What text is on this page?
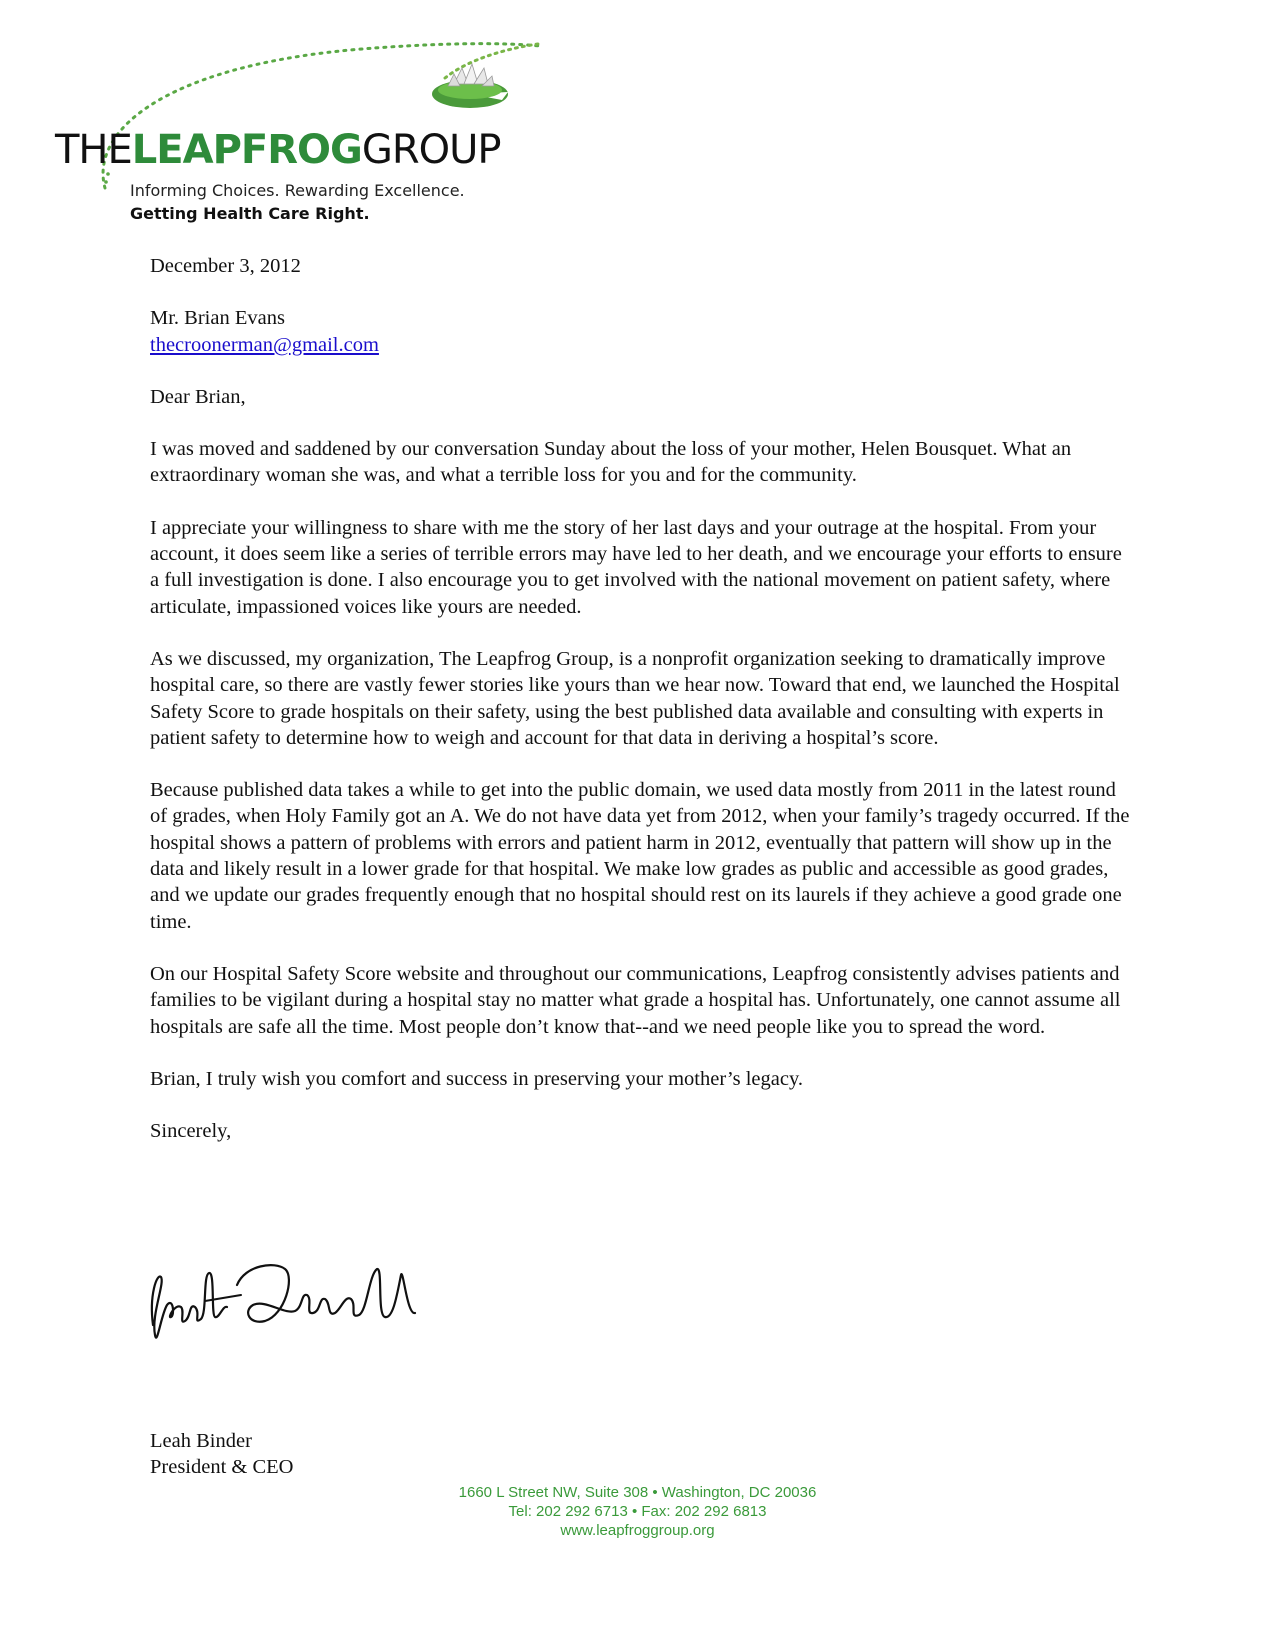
THELEAPFROGGROUP
Informing Choices. Rewarding Excellence.
Getting Health Care Right.

December 3, 2012

Mr. Brian Evans

thecroonerman@gmail.com

Dear Brian,

I was moved and saddened by our conversation Sunday about the loss of your mother, Helen Bousquet. What an extraordinary woman she was, and what a terrible loss for you and for the community.

I appreciate your willingness to share with me the story of her last days and your outrage at the hospital. From your account, it does seem like a series of terrible errors may have led to her death, and we encourage your efforts to ensure a full investigation is done. I also encourage you to get involved with the national movement on patient safety, where articulate, impassioned voices like yours are needed.

As we discussed, my organization, The Leapfrog Group, is a nonprofit organization seeking to dramatically improve hospital care, so there are vastly fewer stories like yours than we hear now. Toward that end, we launched the Hospital Safety Score to grade hospitals on their safety, using the best published data available and consulting with experts in patient safety to determine how to weigh and account for that data in deriving a hospital’s score.

Because published data takes a while to get into the public domain, we used data mostly from 2011 in the latest round of grades, when Holy Family got an A. We do not have data yet from 2012, when your family’s tragedy occurred. If the hospital shows a pattern of problems with errors and patient harm in 2012, eventually that pattern will show up in the data and likely result in a lower grade for that hospital. We make low grades as public and accessible as good grades, and we update our grades frequently enough that no hospital should rest on its laurels if they achieve a good grade one time.

On our Hospital Safety Score website and throughout our communications, Leapfrog consistently advises patients and families to be vigilant during a hospital stay no matter what grade a hospital has. Unfortunately, one cannot assume all hospitals are safe all the time. Most people don’t know that--and we need people like you to spread the word.

Brian, I truly wish you comfort and success in preserving your mother’s legacy.

Sincerely,

Leah Binder
President & CEO
1660 L Street NW, Suite 308 • Washington, DC 20036
Tel: 202 292 6713 • Fax: 202 292 6813
www.leapfroggroup.org
